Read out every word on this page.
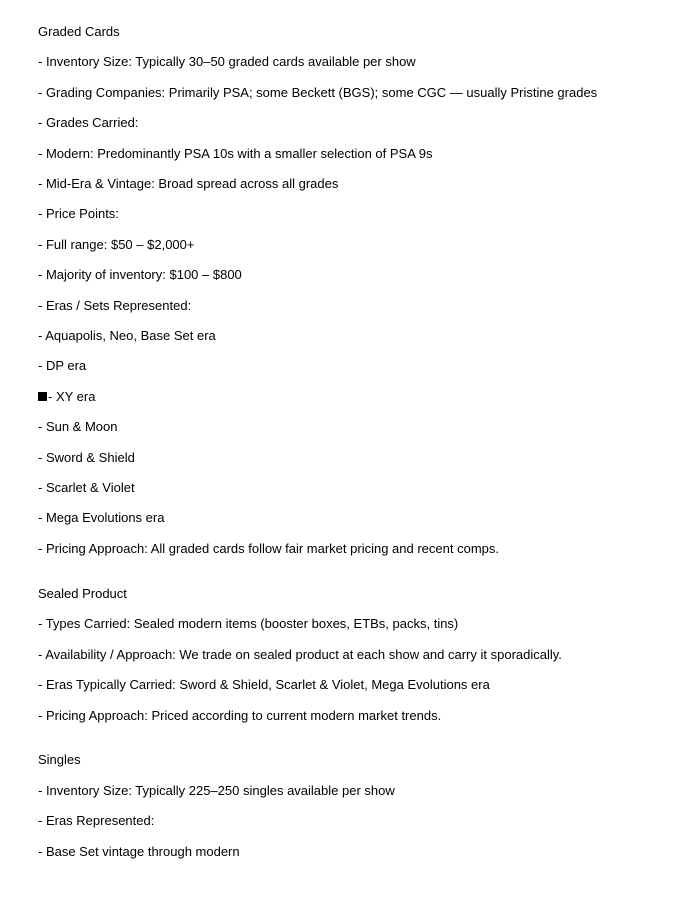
Graded Cards
- Inventory Size: Typically 30–50 graded cards available per show
- Grading Companies: Primarily PSA; some Beckett (BGS); some CGC — usually Pristine grades
- Grades Carried:
- Modern: Predominantly PSA 10s with a smaller selection of PSA 9s
- Mid-Era & Vintage: Broad spread across all grades
- Price Points:
- Full range: $50 – $2,000+
- Majority of inventory: $100 – $800
- Eras / Sets Represented:
- Aquapolis, Neo, Base Set era
- DP era
- XY era
- Sun & Moon
- Sword & Shield
- Scarlet & Violet
- Mega Evolutions era
- Pricing Approach: All graded cards follow fair market pricing and recent comps.
Sealed Product
- Types Carried: Sealed modern items (booster boxes, ETBs, packs, tins)
- Availability / Approach: We trade on sealed product at each show and carry it sporadically.
- Eras Typically Carried: Sword & Shield, Scarlet & Violet, Mega Evolutions era
- Pricing Approach: Priced according to current modern market trends.
Singles
- Inventory Size: Typically 225–250 singles available per show
- Eras Represented:
- Base Set vintage through modern
